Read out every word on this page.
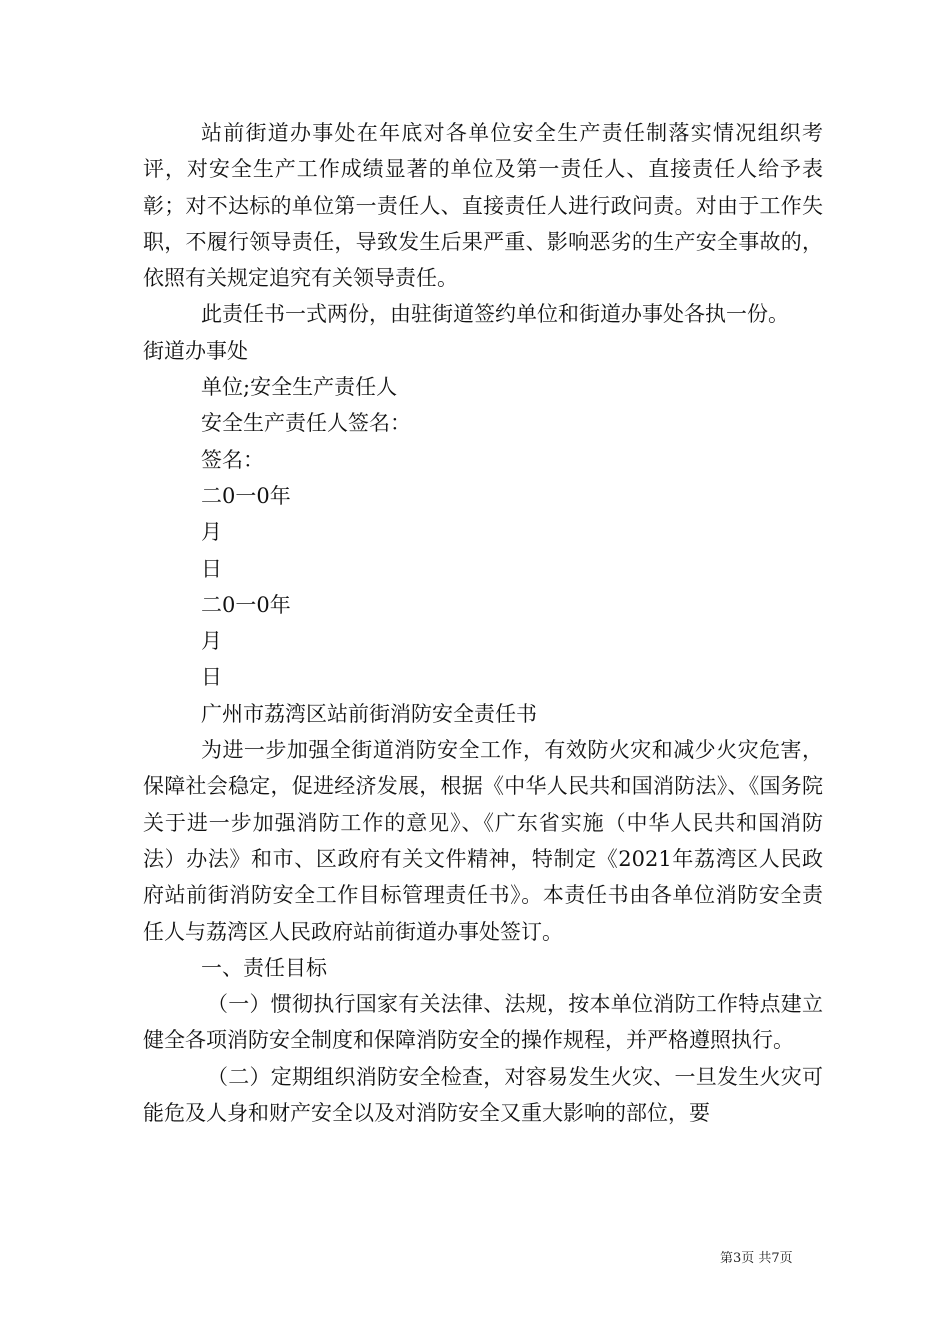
站前街道办事处在年底对各单位安全生产责任制落实情况组织考评，对安全生产工作成绩显著的单位及第一责任人、直接责任人给予表彰；对不达标的单位第一责任人、直接责任人进行政问责。对由于工作失职，不履行领导责任，导致发生后果严重、影响恶劣的生产安全事故的，依照有关规定追究有关领导责任。

此责任书一式两份，由驻街道签约单位和街道办事处各执一份。

街道办事处

单位;安全生产责任人

安全生产责任人签名：

签名：

二0一0年

月

日

二0一0年

月

日

广州市荔湾区站前街消防安全责任书

为进一步加强全街道消防安全工作，有效防火灾和减少火灾危害，保障社会稳定，促进经济发展，根据《中华人民共和国消防法》、《国务院关于进一步加强消防工作的意见》、《广东省实施（中华人民共和国消防法）办法》和市、区政府有关文件精神，特制定《2021年荔湾区人民政府站前街消防安全工作目标管理责任书》。本责任书由各单位消防安全责任人与荔湾区人民政府站前街道办事处签订。

一、责任目标

（一）惯彻执行国家有关法律、法规，按本单位消防工作特点建立健全各项消防安全制度和保障消防安全的操作规程，并严格遵照执行。

（二）定期组织消防安全检查，对容易发生火灾、一旦发生火灾可能危及人身和财产安全以及对消防安全又重大影响的部位，要

第3页 共7页
